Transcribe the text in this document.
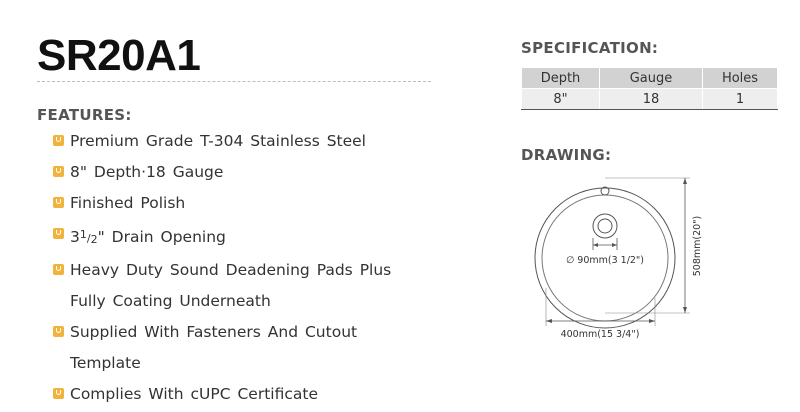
SR20A1
FEATURES:
Premium Grade T-304 Stainless Steel
8" Depth·18 Gauge
Finished Polish
$3^1/2$" Drain Opening
Heavy Duty Sound Deadening Pads Plus Fully Coating Underneath
Supplied With Fasteners And Cutout Template
Complies With cUPC Certificate
SPECIFICATION:
Depth	Gauge	Holes
8"	18	1
DRAWING:
∅ 90mm(3 1/2")	508mm(20")
400mm(15 3/4")
